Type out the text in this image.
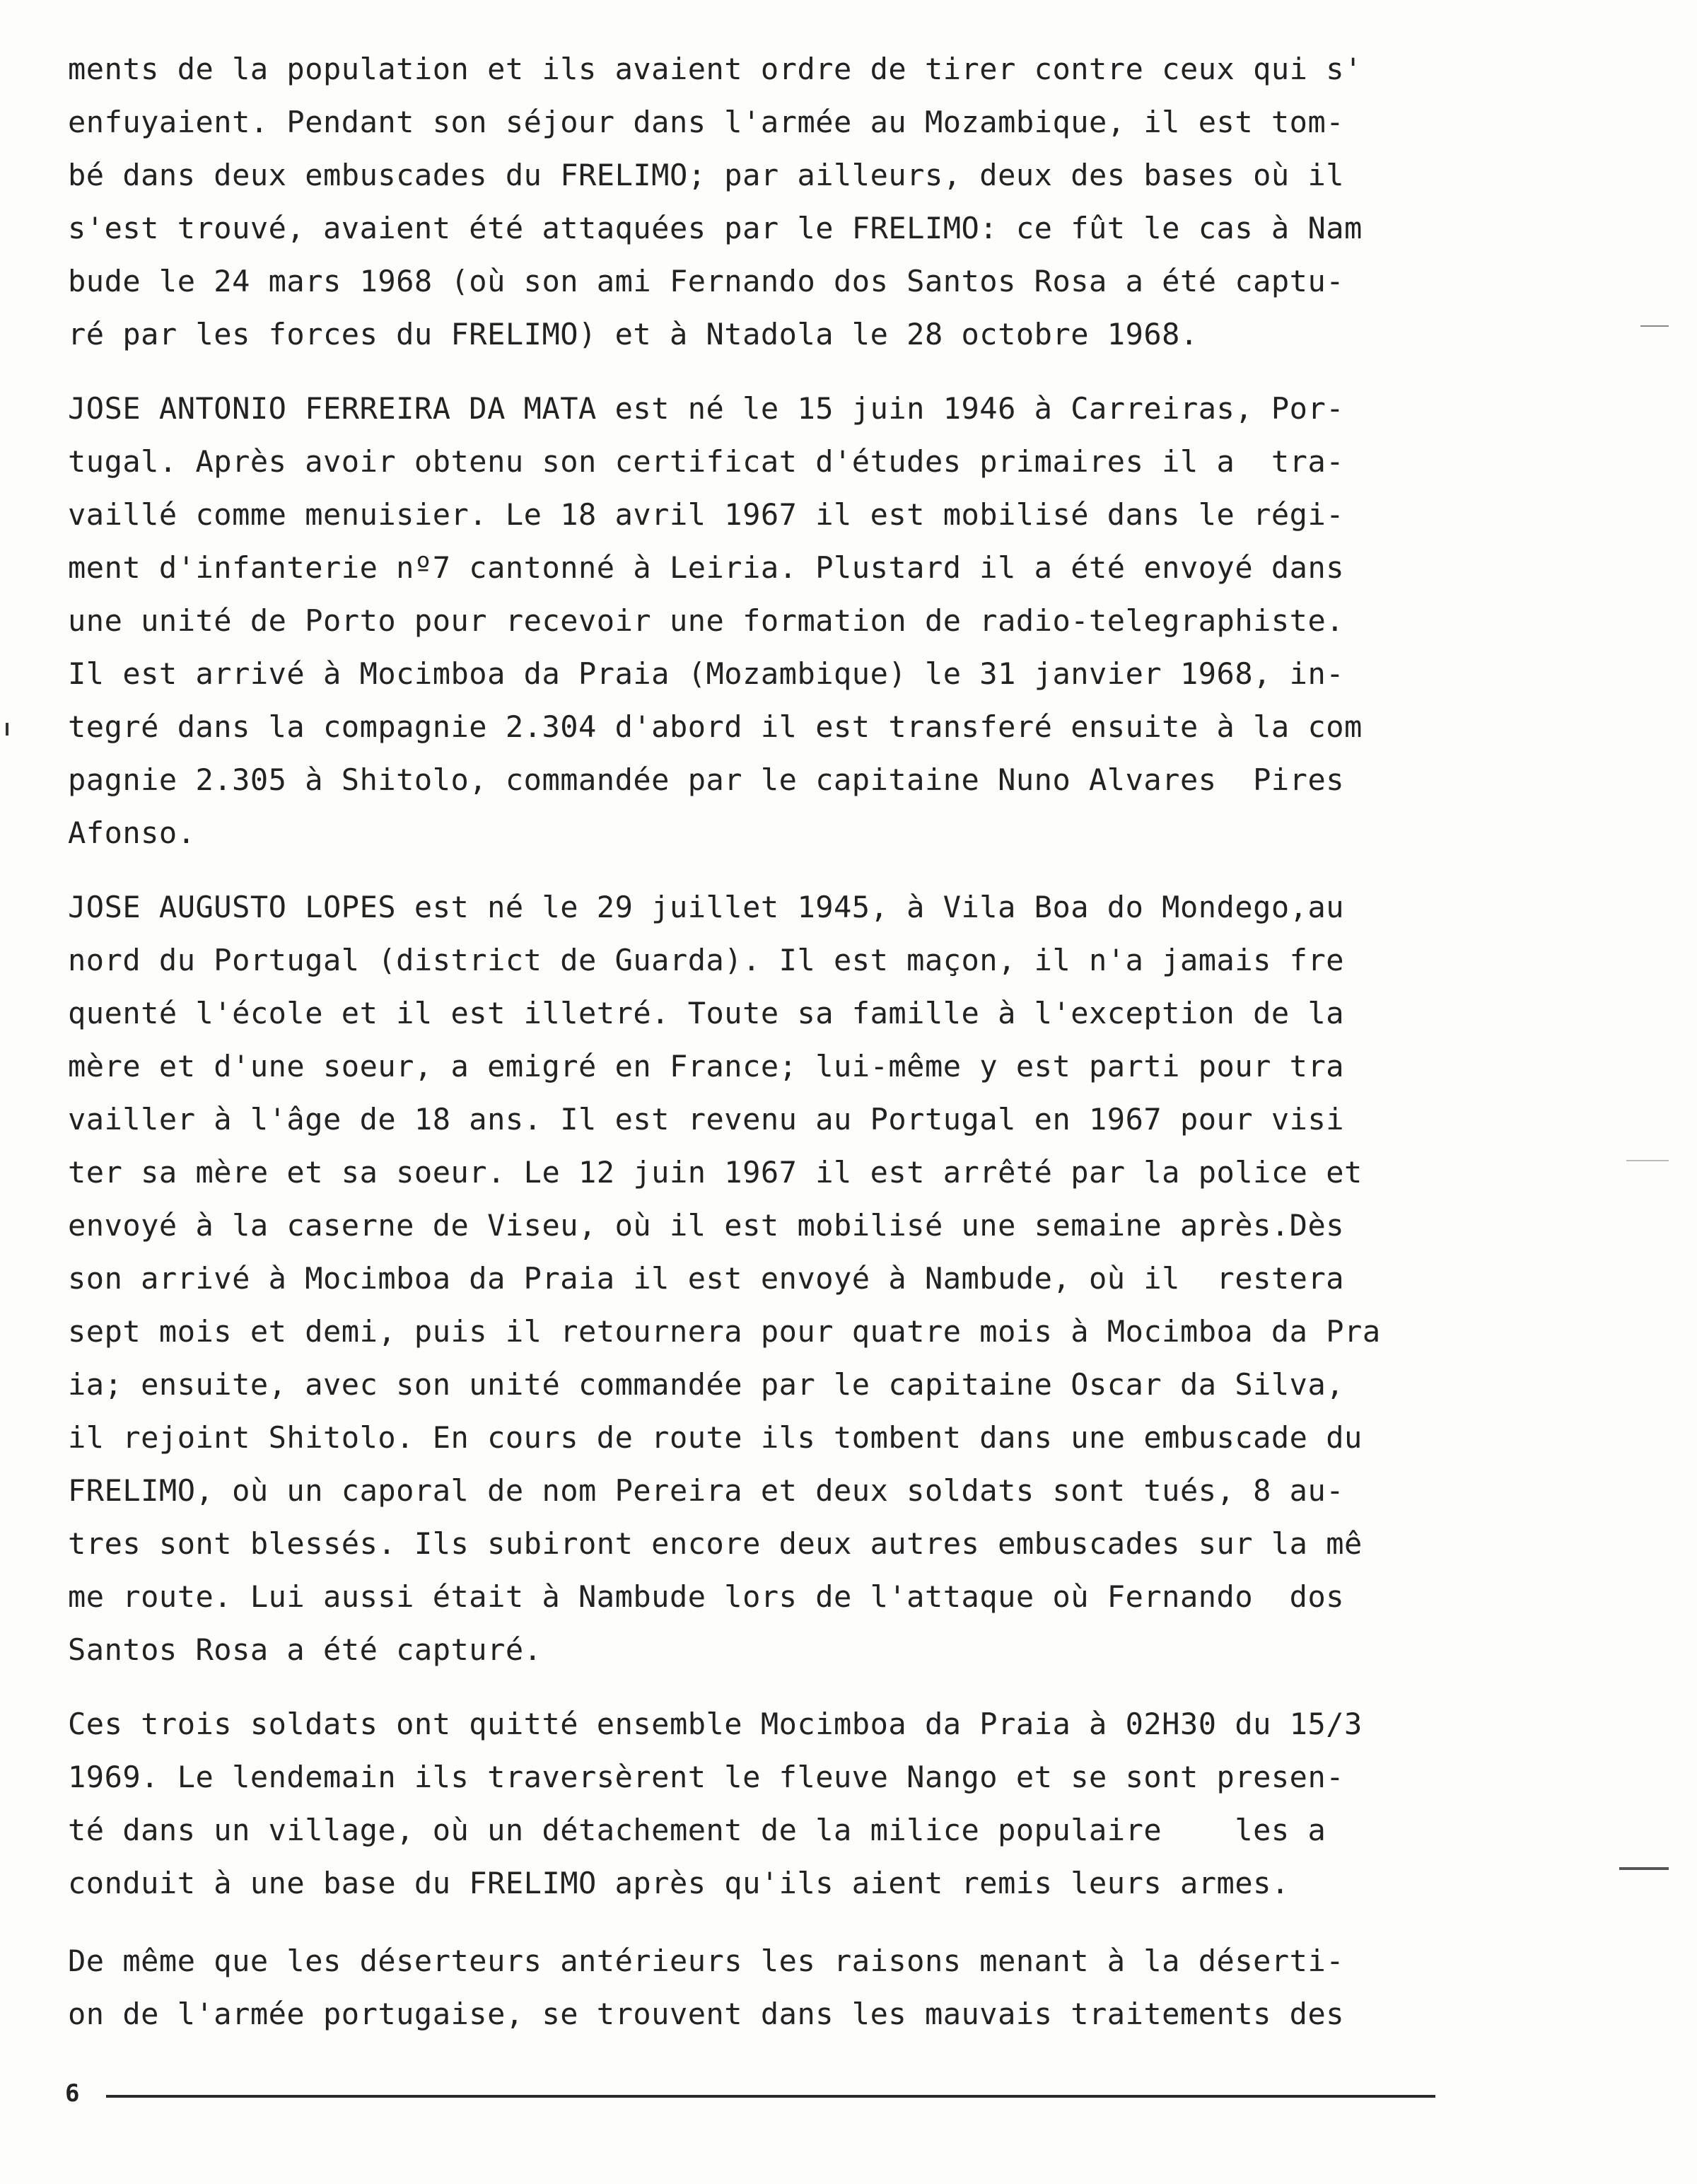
ments de la population et ils avaient ordre de tirer contre ceux qui s'
enfuyaient. Pendant son séjour dans l'armée au Mozambique, il est tom-
bé dans deux embuscades du FRELIMO; par ailleurs, deux des bases où il
s'est trouvé, avaient été attaquées par le FRELIMO: ce fût le cas à Nam
bude le 24 mars 1968 (où son ami Fernando dos Santos Rosa a été captu-
ré par les forces du FRELIMO) et à Ntadola le 28 octobre 1968.
JOSE ANTONIO FERREIRA DA MATA est né le 15 juin 1946 à Carreiras, Por-
tugal. Après avoir obtenu son certificat d'études primaires il a  tra-
vaillé comme menuisier. Le 18 avril 1967 il est mobilisé dans le régi-
ment d'infanterie nº7 cantonné à Leiria. Plustard il a été envoyé dans
une unité de Porto pour recevoir une formation de radio-telegraphiste.
Il est arrivé à Mocimboa da Praia (Mozambique) le 31 janvier 1968, in-
tegré dans la compagnie 2.304 d'abord il est transferé ensuite à la com
pagnie 2.305 à Shitolo, commandée par le capitaine Nuno Alvares  Pires
Afonso.
JOSE AUGUSTO LOPES est né le 29 juillet 1945, à Vila Boa do Mondego,au
nord du Portugal (district de Guarda). Il est maçon, il n'a jamais fre
quenté l'école et il est illetré. Toute sa famille à l'exception de la
mère et d'une soeur, a emigré en France; lui-même y est parti pour tra
vailler à l'âge de 18 ans. Il est revenu au Portugal en 1967 pour visi
ter sa mère et sa soeur. Le 12 juin 1967 il est arrêté par la police et
envoyé à la caserne de Viseu, où il est mobilisé une semaine après.Dès
son arrivé à Mocimboa da Praia il est envoyé à Nambude, où il  restera
sept mois et demi, puis il retournera pour quatre mois à Mocimboa da Pra
ia; ensuite, avec son unité commandée par le capitaine Oscar da Silva,
il rejoint Shitolo. En cours de route ils tombent dans une embuscade du
FRELIMO, où un caporal de nom Pereira et deux soldats sont tués, 8 au-
tres sont blessés. Ils subiront encore deux autres embuscades sur la mê
me route. Lui aussi était à Nambude lors de l'attaque où Fernando  dos
Santos Rosa a été capturé.
Ces trois soldats ont quitté ensemble Mocimboa da Praia à 02H30 du 15/3
1969. Le lendemain ils traversèrent le fleuve Nango et se sont presen-
té dans un village, où un détachement de la milice populaire    les a
conduit à une base du FRELIMO après qu'ils aient remis leurs armes.
De même que les déserteurs antérieurs les raisons menant à la déserti-
on de l'armée portugaise, se trouvent dans les mauvais traitements des
6
